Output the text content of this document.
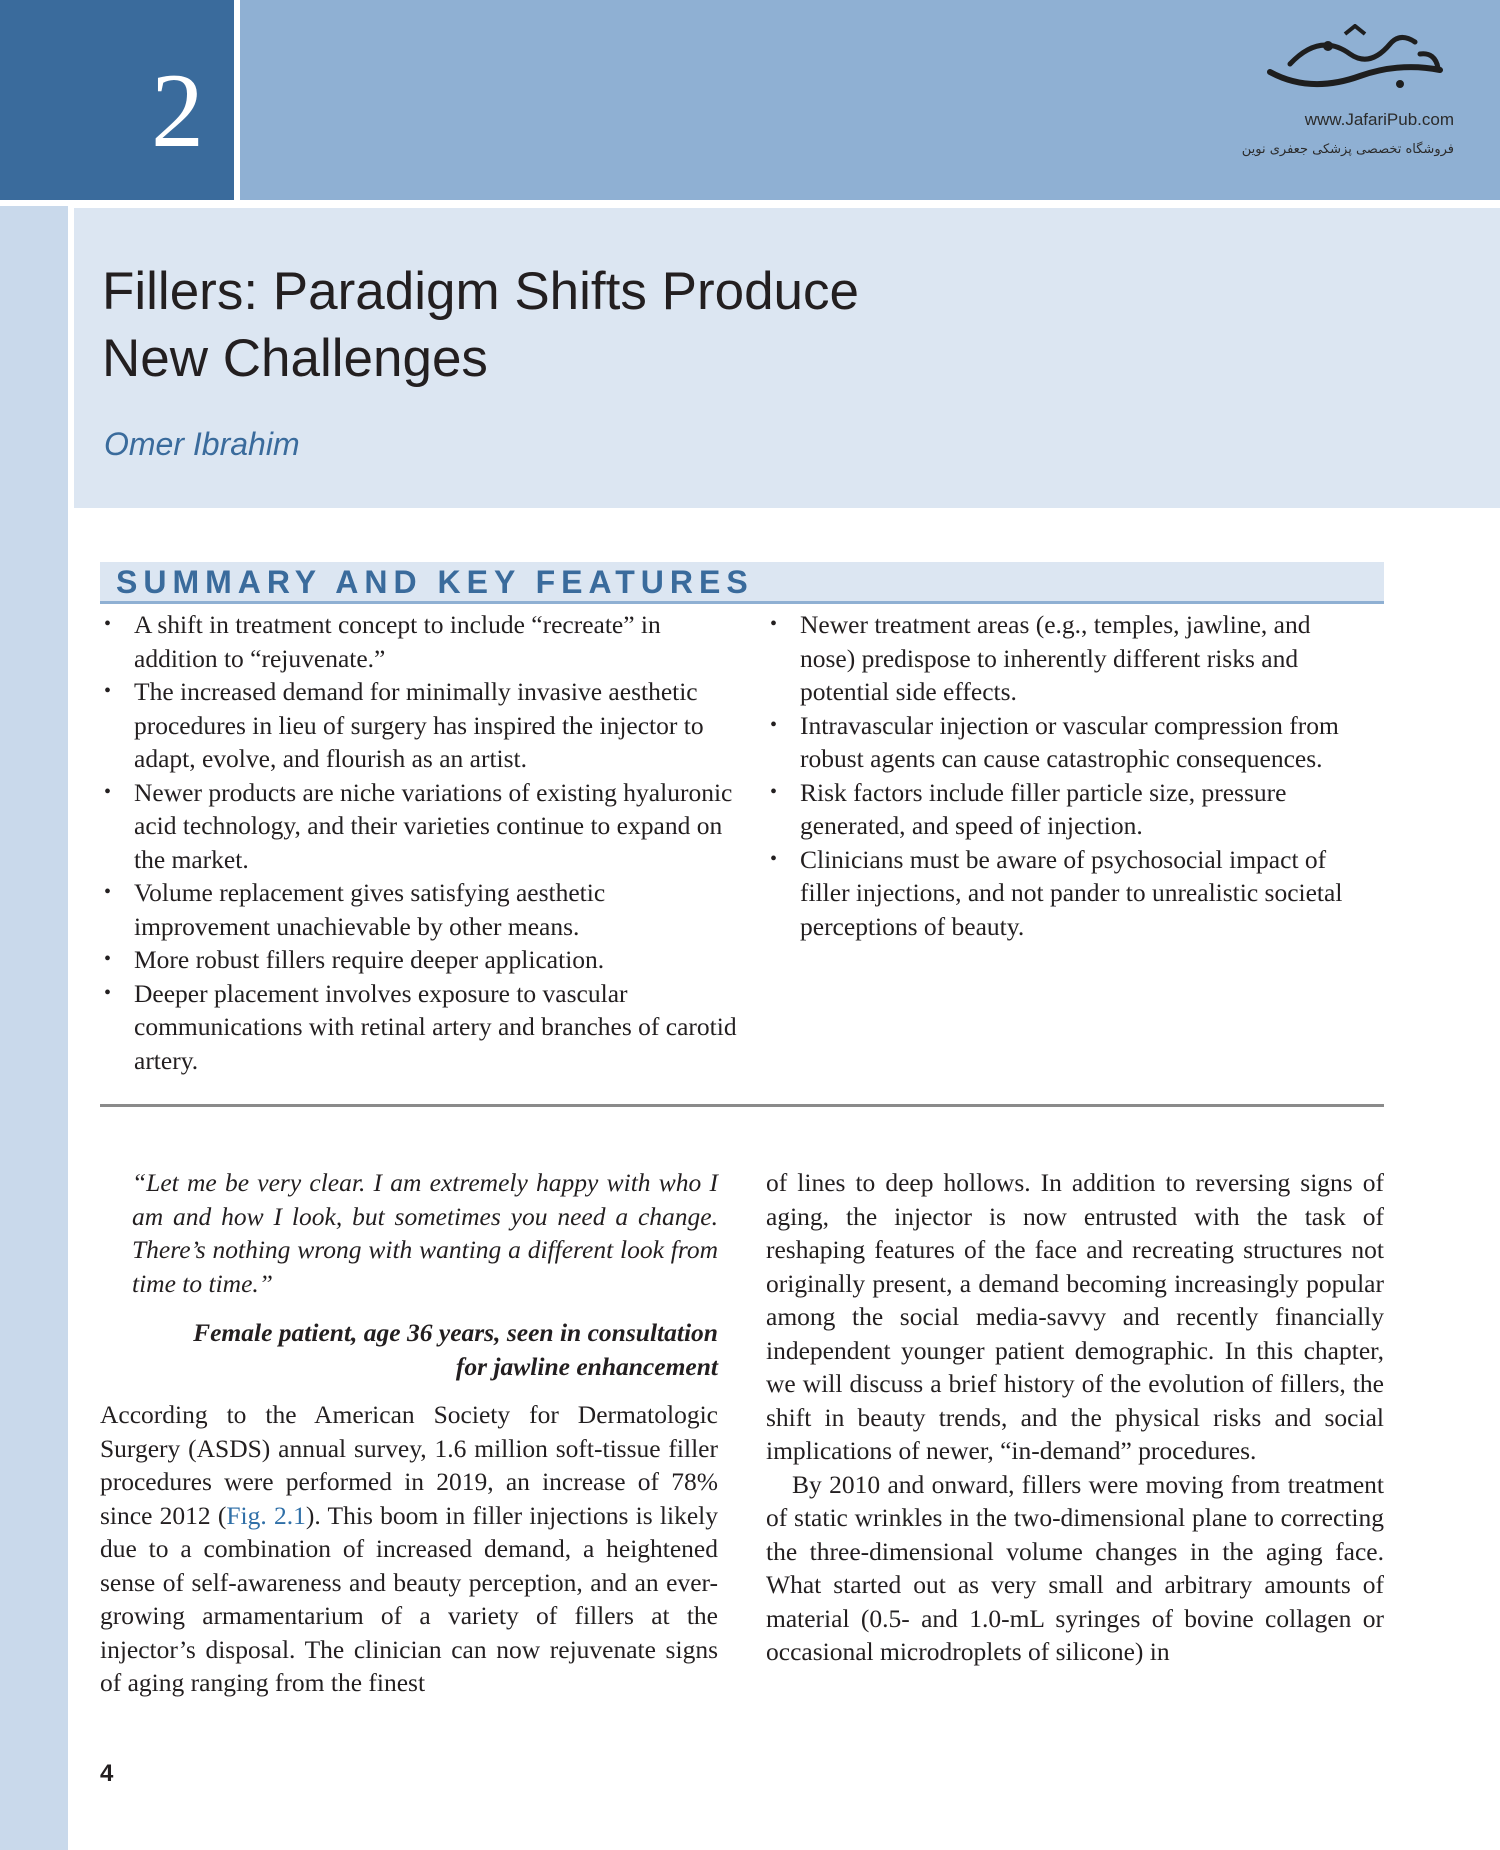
2	www.JafariPub.com
فروشگاه تخصصی پزشکی جعفری نوین
Fillers: Paradigm Shifts Produce
New Challenges
Omer Ibrahim
SUMMARY AND KEY FEATURES
• A shift in treatment concept to include “recreate” in addition to “rejuvenate.”
• The increased demand for minimally invasive aesthetic procedures in lieu of surgery has inspired the injector to adapt, evolve, and flourish as an artist.
• Newer products are niche variations of existing hyaluronic acid technology, and their varieties continue to expand on the market.
• Volume replacement gives satisfying aesthetic improvement unachievable by other means.
• More robust fillers require deeper application.
• Deeper placement involves exposure to vascular communications with retinal artery and branches of carotid artery.
• Newer treatment areas (e.g., temples, jawline, and nose) predispose to inherently different risks and potential side effects.
• Intravascular injection or vascular compression from robust agents can cause catastrophic consequences.
• Risk factors include filler particle size, pressure generated, and speed of injection.
• Clinicians must be aware of psychosocial impact of filler injections, and not pander to unrealistic societal perceptions of beauty.
“Let me be very clear. I am extremely happy with who I am and how I look, but sometimes you need a change. There’s nothing wrong with wanting a different look from time to time.”
Female patient, age 36 years, seen in consultation
for jawline enhancement

According to the American Society for Dermatologic Surgery (ASDS) annual survey, 1.6 million soft-tissue filler procedures were performed in 2019, an increase of 78% since 2012 (Fig. 2.1). This boom in filler injections is likely due to a combination of increased demand, a heightened sense of self-awareness and beauty perception, and an ever-growing armamentarium of a variety of fillers at the injector’s disposal. The clinician can now rejuvenate signs of aging ranging from the finest

of lines to deep hollows. In addition to reversing signs of aging, the injector is now entrusted with the task of reshaping features of the face and recreating structures not originally present, a demand becoming increasingly popular among the social media-savvy and recently financially independent younger patient demographic. In this chapter, we will discuss a brief history of the evolution of fillers, the shift in beauty trends, and the physical risks and social implications of newer, “in-demand” procedures.

By 2010 and onward, fillers were moving from treatment of static wrinkles in the two-dimensional plane to correcting the three-dimensional volume changes in the aging face. What started out as very small and arbitrary amounts of material (0.5- and 1.0-mL syringes of bovine collagen or occasional microdroplets of silicone) in

4
